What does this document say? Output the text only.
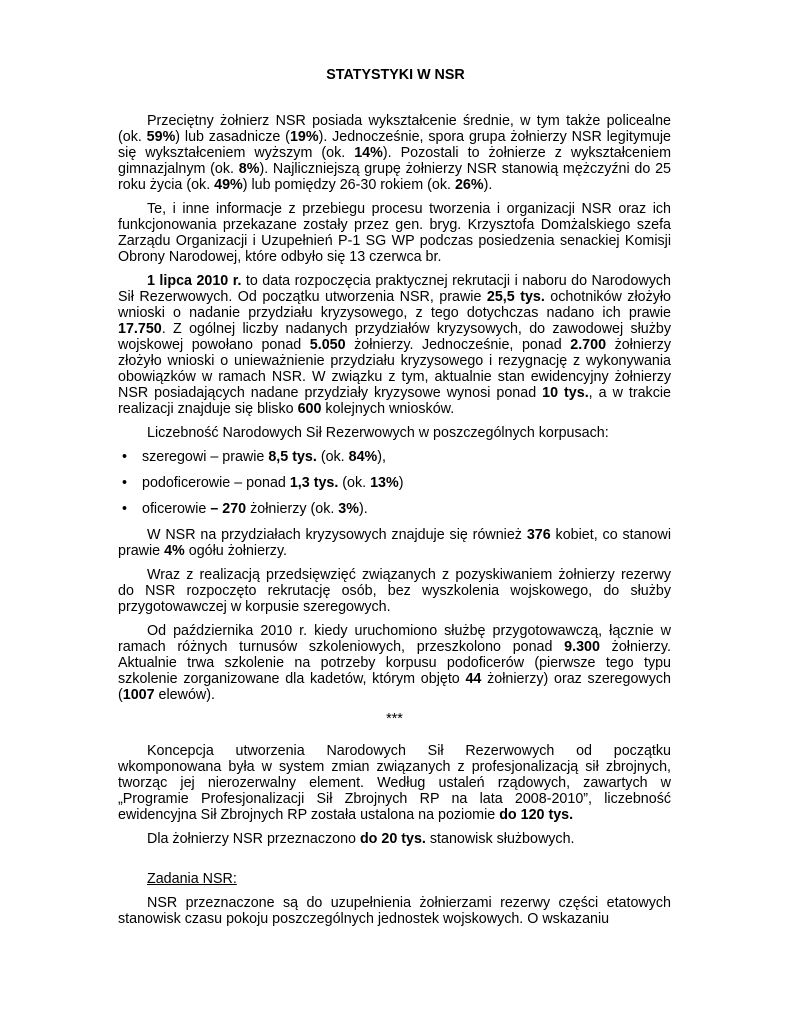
STATYSTYKI W NSR

Przeciętny żołnierz NSR posiada wykształcenie średnie, w tym także policealne (ok. 59%) lub zasadnicze (19%). Jednocześnie, spora grupa żołnierzy NSR legitymuje się wykształceniem wyższym (ok. 14%). Pozostali to żołnierze z wykształceniem gimnazjalnym (ok. 8%). Najliczniejszą grupę żołnierzy NSR stanowią mężczyźni do 25 roku życia (ok. 49%) lub pomiędzy 26-30 rokiem (ok. 26%).

Te, i inne informacje z przebiegu procesu tworzenia i organizacji NSR oraz ich funkcjonowania przekazane zostały przez gen. bryg. Krzysztofa Domżalskiego szefa Zarządu Organizacji i Uzupełnień P-1 SG WP podczas posiedzenia senackiej Komisji Obrony Narodowej, które odbyło się 13 czerwca br.

1 lipca 2010 r. to data rozpoczęcia praktycznej rekrutacji i naboru do Narodowych Sił Rezerwowych. Od początku utworzenia NSR, prawie 25,5 tys. ochotników złożyło wnioski o nadanie przydziału kryzysowego, z tego dotychczas nadano ich prawie 17.750. Z ogólnej liczby nadanych przydziałów kryzysowych, do zawodowej służby wojskowej powołano ponad 5.050 żołnierzy. Jednocześnie, ponad 2.700 żołnierzy złożyło wnioski o unieważnienie przydziału kryzysowego i rezygnację z wykonywania obowiązków w ramach NSR. W związku z tym, aktualnie stan ewidencyjny żołnierzy NSR posiadających nadane przydziały kryzysowe wynosi ponad 10 tys., a w trakcie realizacji znajduje się blisko 600 kolejnych wniosków.

Liczebność Narodowych Sił Rezerwowych w poszczególnych korpusach:

• szeregowi – prawie 8,5 tys. (ok. 84%),
• podoficerowie – ponad 1,3 tys. (ok. 13%)
• oficerowie – 270 żołnierzy (ok. 3%).

W NSR na przydziałach kryzysowych znajduje się również 376 kobiet, co stanowi prawie 4% ogółu żołnierzy.

Wraz z realizacją przedsięwzięć związanych z pozyskiwaniem żołnierzy rezerwy do NSR rozpoczęto rekrutację osób, bez wyszkolenia wojskowego, do służby przygotowawczej w korpusie szeregowych.

Od października 2010 r. kiedy uruchomiono służbę przygotowawczą, łącznie w ramach różnych turnusów szkoleniowych, przeszkolono ponad 9.300 żołnierzy. Aktualnie trwa szkolenie na potrzeby korpusu podoficerów (pierwsze tego typu szkolenie zorganizowane dla kadetów, którym objęto 44 żołnierzy) oraz szeregowych (1007 elewów).

***

Koncepcja utworzenia Narodowych Sił Rezerwowych od początku wkomponowana była w system zmian związanych z profesjonalizacją sił zbrojnych, tworząc jej nierozerwalny element. Według ustaleń rządowych, zawartych w „Programie Profesjonalizacji Sił Zbrojnych RP na lata 2008-2010”, liczebność ewidencyjna Sił Zbrojnych RP została ustalona na poziomie do 120 tys.

Dla żołnierzy NSR przeznaczono do 20 tys. stanowisk służbowych.

Zadania NSR:

NSR przeznaczone są do uzupełnienia żołnierzami rezerwy części etatowych stanowisk czasu pokoju poszczególnych jednostek wojskowych. O wskazaniu
